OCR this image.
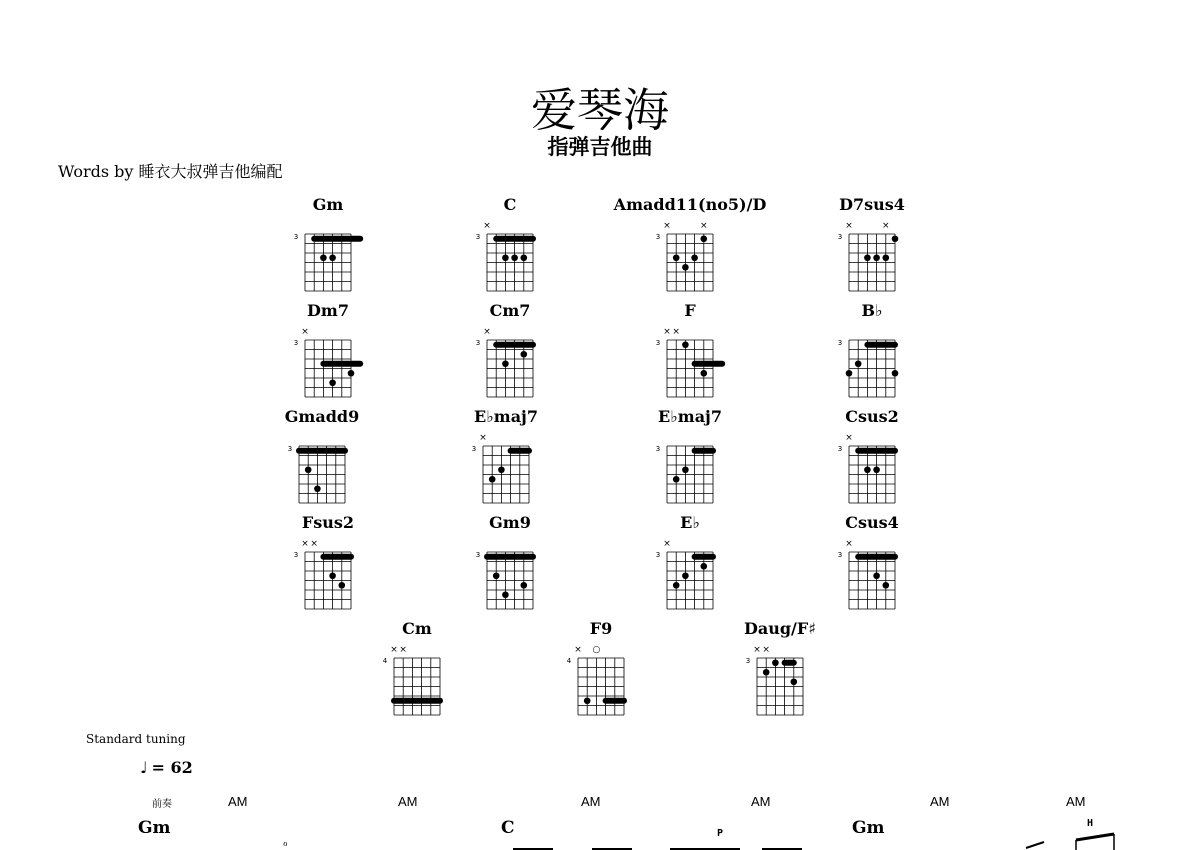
爱琴海
指弹吉他曲
Words by 睡衣大叔弹吉他编配
Gm
3
C
3
×
Amadd11(no5)/D
3
×	×
D7sus4
3
×	×
Dm7
3
×
Cm7
3
×
F
3
× ×
B♭
3
Gmadd9
3
E♭maj7
3
×
E♭maj7
3
Csus2
3
×
Fsus2
3
× ×
Gm9
3
E♭
3
×
Csus4
3
×
Cm
4
× ×
F9
4
× ○
Daug/F♯
3
× ×
Standard tuning
♩ = 62
前奏	AM	AM	AM	AM	AM	AM
Gm	C	Gm
P
H
ℴ
